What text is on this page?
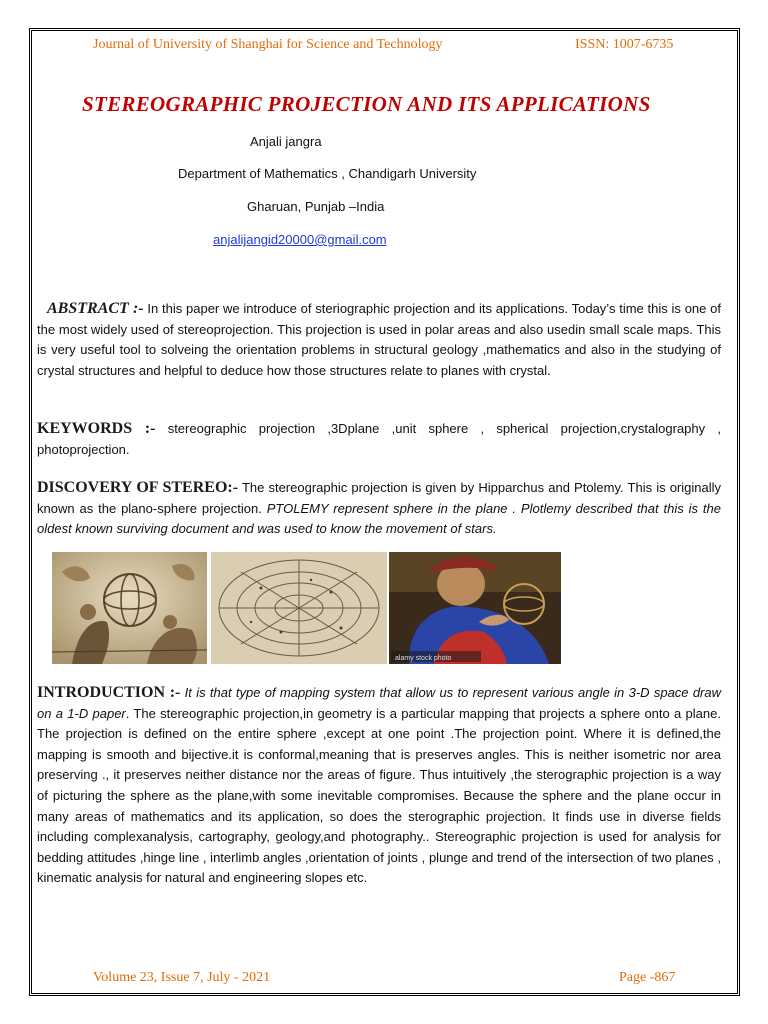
Journal of University of Shanghai for Science and Technology	ISSN: 1007-6735
STEREOGRAPHIC PROJECTION AND ITS APPLICATIONS
Anjali jangra
Department of Mathematics , Chandigarh University
Gharuan, Punjab –India
anjalijangid20000@gmail.com
ABSTRACT :- In this paper we introduce of steriographic projection and its applications. Today’s time this is one of the most widely used of stereoprojection. This projection is used in polar areas and also usedin small scale maps. This is very useful tool to solveing the orientation problems in structural geology ,mathematics and also in the studying of crystal structures and helpful to deduce how those structures relate to planes with crystal.
KEYWORDS :- stereographic projection ,3Dplane ,unit sphere , spherical projection,crystalography , photoprojection.
DISCOVERY OF STEREO:- The stereographic projection is given by Hipparchus and Ptolemy. This is originally known as the plano-sphere projection. PTOLEMY represent sphere in the plane . Plotlemy described that this is the oldest known surviving document and was used to know the movement of stars.
alamy stock photo
INTRODUCTION :- It is that type of mapping system that allow us to represent various angle in 3-D space draw on a 1-D paper. The stereographic projection,in geometry is a particular mapping that projects a sphere onto a plane. The projection is defined on the entire sphere ,except at one point .The projection point. Where it is defined,the mapping is smooth and bijective.it is conformal,meaning that is preserves angles. This is neither isometric nor area preserving ., it preserves neither distance nor the areas of figure. Thus intuitively ,the sterographic projection is a way of picturing the sphere as the plane,with some inevitable compromises. Because the sphere and the plane occur in many areas of mathematics and its application, so does the sterographic projection. It finds use in diverse fields including complexanalysis, cartography, geology,and photography.. Stereographic projection is used for analysis for bedding attitudes ,hinge line , interlimb angles ,orientation of joints , plunge and trend of the intersection of two planes , kinematic analysis for natural and engineering slopes etc.
Volume 23, Issue 7, July - 2021	Page -867
